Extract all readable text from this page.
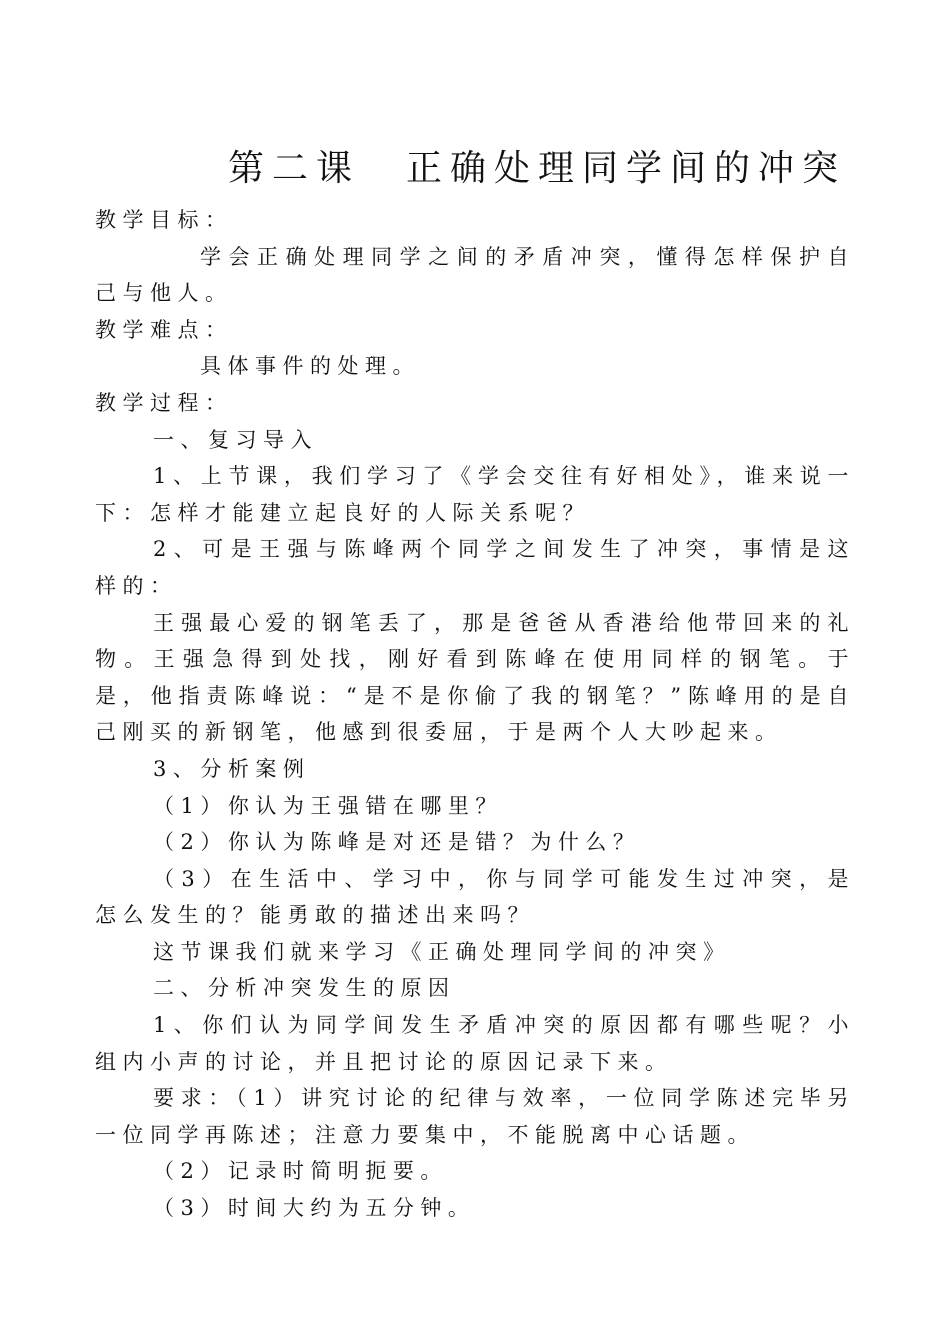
第二课 正确处理同学间的冲突

教学目标：

学会正确处理同学之间的矛盾冲突，懂得怎样保护自己与他人。

教学难点：

具体事件的处理。

教学过程：

一、复习导入

1、上节课，我们学习了《学会交往有好相处》，谁来说一下：怎样才能建立起良好的人际关系呢？

2、可是王强与陈峰两个同学之间发生了冲突，事情是这样的：

王强最心爱的钢笔丢了，那是爸爸从香港给他带回来的礼物。王强急得到处找，刚好看到陈峰在使用同样的钢笔。于是，他指责陈峰说：“是不是你偷了我的钢笔？”陈峰用的是自己刚买的新钢笔，他感到很委屈，于是两个人大吵起来。

3、分析案例

（1）你认为王强错在哪里？

（2）你认为陈峰是对还是错？为什么？

（3）在生活中、学习中，你与同学可能发生过冲突，是怎么发生的？能勇敢的描述出来吗？

这节课我们就来学习《正确处理同学间的冲突》

二、分析冲突发生的原因

1、你们认为同学间发生矛盾冲突的原因都有哪些呢？小组内小声的讨论，并且把讨论的原因记录下来。

要求：（1）讲究讨论的纪律与效率，一位同学陈述完毕另一位同学再陈述；注意力要集中，不能脱离中心话题。

（2）记录时简明扼要。

（3）时间大约为五分钟。
